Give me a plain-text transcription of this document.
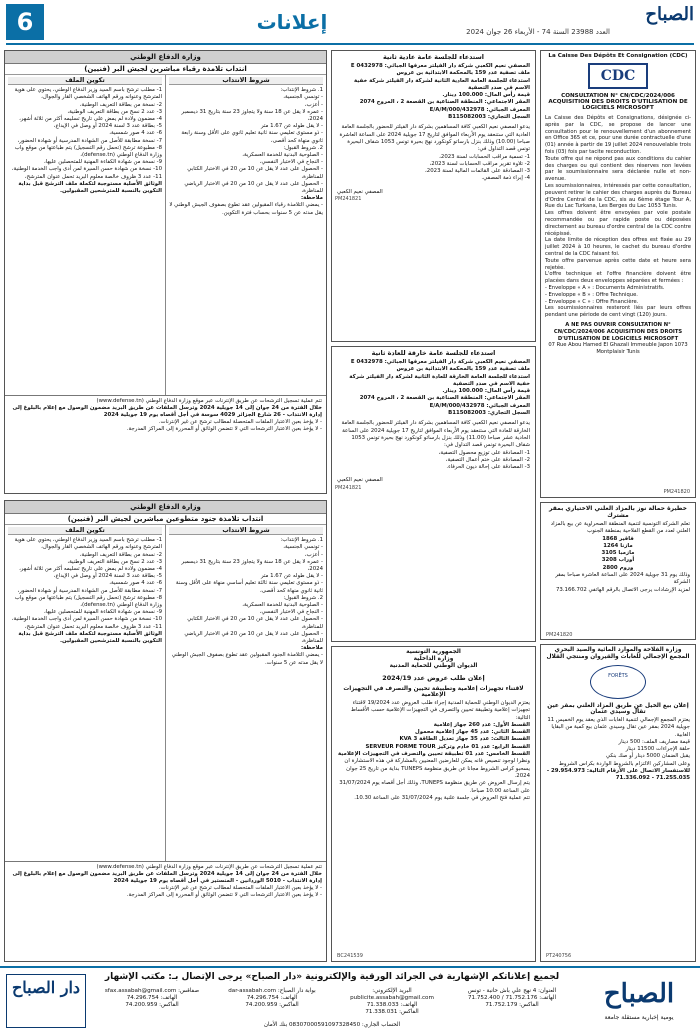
6	إعلانات	الصباح
العدد 23988 السنة 74 - الأربعاء 26 جوان 2024
وزارة الدفاع الوطني
انتداب تلامذة رقباء مباشرين لجيش البر (فنيين)
شروط الانتداب
1. شروط الإنتداب:
- تونسي الجنسية،
- أعزب،
- عمره لا يقل عن 18 سنة ولا يتجاوز 23 سنة بتاريخ 31 ديسمبر 2024،
- لا يقل طوله عن 1.67 متر
- ذو مستوى تعليمي سنة ثانية تعليم ثانوي على الأقل وسنة رابعة ثانوي منهاة كحد أقصى،
2. شروط القبول:
- الصلوحية البدنية للخدمة العسكرية،
- النجاح في الاختبار النفسي،
- الحصول على عدد لا يقل عن 10 من 20 في الاختبار الكتابي للمناظرة،
- الحصول على عدد لا يقل عن 10 من 20 في الاختبار الرياضي للمناظرة،
ملاحظة:
- يمضي التلامذة رقباء المقبولين عقد تطوع بصفوف الجيش الوطني لا يقل مدته عن 5 سنوات بحساب فترة التكوين.
تكوين الملف
1- مطلب ترشح باسم السيد وزير الدفاع الوطني، يحتوي على هوية المترشح وعنوانه ورقم الهاتف الشخصي القار والجوال،
2- نسخة من بطاقة التعريف الوطنية،
3- عدد 2 نسخ من بطاقة التعريف الوطنية،
4- مضمون ولادة لم يمض على تاريخ تسليمه أكثر من ثلاثة أشهر،
5- بطاقة عدد 3 لسنة 2024 أو وصل في الإيداع،
6- عدد 4 صور شمسية،
7- نسخة مطابقة للأصل من الشهادة المدرسية أو شهادة الحضور،
8- مطبوعة ترشح (تحمل رقم التسجيل) يتم طباعتها من موقع واب وزارة الدفاع الوطني (defense.tn)،
9- نسخة من شهادة الكفاءة المهنية للمتحصلين عليها،
10- نسخة من شهادة حسن السيرة لمن أدى واجب الخدمة الوطنية،
11- عدد 3 ظروف خالصة معلوم البريد تحمل عنوان المترشح،
الوثائق الأصلية مستوجبة لتكملة ملف الترشح قبل بداية التكوين بالنسبة للمترشحين المقبولين.
تتم عملية تسجيل الترشحات عن طريق الإنترنات عبر موقع وزارة الدفاع الوطني (www.defense.tn)
خلال الفترة من 24 جوان إلى 14 جويلية 2024 وترسل الملفات عن طريق البريد مضمون الوصول مع إعلام بالبلوغ إلى إدارة الانتداب - 26 شارع الجزائر 4029 سوسة في أجل أقصاه يوم 19 جويلية 2024
- لا يؤخذ بعين الاعتبار الملفات المتحصلة لمطالب ترشح عن غير الإنترنات.
- لا يؤخذ بعين الاعتبار الترشحات التي لا تتضمن الوثائق أو المحررة إلى المراكز المدرجة.
وزارة الدفاع الوطني
انتداب تلامذة جنود متطوعين مباشرين لجيش البر (فنيين)
شروط الانتداب
1. شروط الإنتداب:
- تونسي الجنسية،
- أعزب،
- عمره لا يقل عن 18 سنة ولا يتجاوز 23 سنة بتاريخ 31 ديسمبر 2024،
- لا يقل طوله عن 1.67 متر
- ذو مستوى تعليمي سنة ثالثة تعليم أساسي منهاة على الأقل وسنة ثانية ثانوي منهاة كحد أقصى،
2. شروط القبول:
- الصلوحية البدنية للخدمة العسكرية،
- النجاح في الاختبار النفسي،
- الحصول على عدد لا يقل عن 10 من 20 في الاختبار الكتابي للمناظرة،
- الحصول على عدد لا يقل عن 10 من 20 في الاختبار الرياضي للمناظرة،
ملاحظة:
- يمضي التلامذة الجنود المقبولين عقد تطوع بصفوف الجيش الوطني لا يقل مدته عن 5 سنوات.
تكوين الملف
1- مطلب ترشح باسم السيد وزير الدفاع الوطني، يحتوي على هوية المترشح وعنوانه ورقم الهاتف الشخصي القار والجوال،
2- نسخة من بطاقة التعريف الوطنية،
3- عدد 2 نسخ من بطاقة التعريف الوطنية،
4- مضمون ولادة لم يمض على تاريخ تسليمه أكثر من ثلاثة أشهر،
5- بطاقة عدد 3 لسنة 2024 أو وصل في الإيداع،
6- عدد 4 صور شمسية،
7- نسخة مطابقة للأصل من الشهادة المدرسية أو شهادة الحضور،
8- مطبوعة ترشح (تحمل رقم التسجيل) يتم طباعتها من موقع واب وزارة الدفاع الوطني (defense.tn)،
9- نسخة من شهادة الكفاءة المهنية للمتحصلين عليها،
10- نسخة من شهادة حسن السيرة لمن أدى واجب الخدمة الوطنية،
11- عدد 3 ظروف خالصة معلوم البريد تحمل عنوان المترشح،
الوثائق الأصلية مستوجبة لتكملة ملف الترشح قبل بداية التكوين بالنسبة للمترشحين المقبولين.
تتم عملية تسجيل الترشحات عن طريق الإنترنات عبر موقع وزارة الدفاع الوطني (www.defense.tn)
خلال الفترة من 24 جوان إلى 14 جويلية 2024 وترسل الملفات عن طريق البريد مضمون الوصول مع إعلام بالبلوغ إلى إدارة الانتداب - 5010 الوردانين - المنستير في أجل أقصاه يوم 19 جويلية 2024
- لا يؤخذ بعين الاعتبار الملفات المتحصلة لمطالب ترشح عن غير الإنترنات.
- لا يؤخذ بعين الاعتبار الترشحات التي لا تتضمن الوثائق أو المحررة إلى المراكز المدرجة.
استدعاء للجلسة عامة عادية ثانية
المصفي نعيم الكعبي شركة دار الفيلتر معرفها الجبائي: 0432978 E
ملف تصفية عدد 159 بالمحكمة الابتدائية بن عروس
استدعاء للجلسة العامة العادية الثانية لشركة دار الفيلتر شركة خفية الاسم في صدد التصفية
قيمة رأس المال: 100.000 دينار.
المقر الاجتماعي: المنطقة الصناعية بن القصعة 2 ، المروج 2074
المعرف الجبائي: 432978/E/A/M/000
السجل التجاري: B115082003
يدعو المصفي نعيم الكعبي كافة المساهمين بشركة دار الفيلتر للحضور بالجلسة العامة العادية التي ستنعقد يوم الأربعاء الموافق لتاريخ 17 جويلية 2024 على الساعة العاشرة صباحا (10.00) وذلك بنزل بارساتو كونكورد نهج بحيرة تونس 1053 شفاف البحيرة تونس قصد التداول في:
1- تسمية مراقب الحسابات لسنة 2023،
2- تلاوة تقرير مراقب الحسابات لسنة 2023،
3- المصادقة على القائمات المالية لسنة 2023،
4- إبراء ذمة المصفي.
المصفي نعيم الكعبي
PM241821
استدعاء للجلسة عامة خارقة للعادة ثانية
المصفي نعيم الكعبي شركة دار الفيلتر معرفها الجبائي: 0432978 E
ملف تصفية عدد 159 بالمحكمة الابتدائية بن عروس
استدعاء للجلسة العامة الخارقة للعادة الثانية لشركة دار الفيلتر شركة خفية الاسم في صدد التصفية
قيمة رأس المال: 100.000 دينار.
المقر الاجتماعي: المنطقة الصناعية بن القصعة 2 ، المروج 2074
المعرف الجبائي: 432978/E/A/M/000
السجل التجاري: B115082003
يدعو المصفي نعيم الكعبي كافة المساهمين بشركة دار الفيلتر للحضور بالجلسة العامة الخارقة للعادة التي ستنعقد يوم الأربعاء الموافق لتاريخ 17 جويلية 2024 على الساعة الحادية عشر صباحا (11.00) وذلك بنزل بارساتو كونكورد نهج بحيرة تونس 1053 شفاف البحيرة تونس قصد التداول في:
1- المصادقة على توزيع محصول التصفية،
2- المصادقة على ختم أعمال التصفية،
3- المصادقة على إحالة ديون الحرفاء.
المصفي نعيم الكعبي
PM241821
الجمهورية التونسية
وزارة الداخلية
الديوان الوطني للحماية المدنية
إعلان طلب عروض عدد 2024/19
لاقتناء تجهيزات إعلامية وتطبيقة تحيين والتصرف في التجهيزات الإعلامية
يعتزم الديوان الوطني للحماية المدنية إجراء طلب العروض عدد 19/2024 لاقتناء تجهيزات إعلامية وتطبيقة تحيين والتصرف في التجهيزات الإعلامية حسب الأقساط التالية:
القسط الأول: عدد 260 جهاز إعلامية
القسط الثاني: عدد 45 جهاز إعلامية محمول
القسط الثالث: عدد 35 جهاز تعديل الطاقة 3 KVA
القسط الرابع: عدد 01 خادم وتركيز SERVEUR FORME TOUR
القسط الخامس: عدد 01 تطبيقة تحيين والتصرف في التجهيزات الإعلامية
ونظرا لوجود تنصيص فانه يمكن للعارضين المعنيين بالمشاركة في هذه الاستشارة ان يسحبو كراس الشروط مجانا عن طريق منظومة TUNEPS بداية من تاريخ 25 جوان 2024.
يتم إرسال العروض عن طريق منظومة TUNEPS، وذلك أجل أقصاه يوم 31/07/2024 على الساعة 10.00 صباحا.
تتم عملية فتح العروض في جلسة علنية يوم 31/07/2024 على الساعة 10.30.
BC241539
La Caisse Des Dépôts Et Consignation (CDC)
CDC
CONSULTATION N° CN/CDC/2024/006 ACQUISITION DES DROITS D'UTILISATION DE LOGICIELS MICROSOFT
La Caisse des Dépôts et Consignations, désignée ci-après par la CDC, se propose de lancer une consultation pour le renouvellement d'un abonnement en Office 365 et ce, pour une durée contractuelle d'une (01) année à partir de 19 juillet 2024 renouvelable trois fois (03) fois par tacite reconduction.
Toute offre qui ne répond pas aux conditions du cahier des charges ou qui contient des réserves non levées par le soumissionnaire sera déclarée nulle et non-avenue.
Les soumissionnaires, intéressés par cette consultation, peuvent retirer le cahier des charges auprès du Bureau d'Ordre Central de la CDC, sis au 6ème étage Tour A, Rue du Lac Turkana, Les Berges du Lac 1053 Tunis.
Les offres doivent être envoyées par voie postale recommandée ou par rapide poste ou déposées directement au bureau d'ordre central de la CDC contre récépissé.
La date limite de réception des offres est fixée au 29 juillet 2024 à 10 heures, le cachet du bureau d'ordre central de la CDC faisant foi.
Toute offre parvenue après cette date et heure sera rejetée.
L'offre technique et l'offre financière doivent être placées dans deux enveloppes séparées et fermées :
- Enveloppe « A » : Documents Administratifs.
- Enveloppe « B » : Offre Technique.
- Enveloppe « C » : Offre Financière.
Les soumissionnaires resteront liés par leurs offres pendant une période de cent vingt (120) jours.
A NE PAS OUVRIR CONSULTATION N° CN/CDC/2024/006 ACQUISITION DES DROITS D'UTILISATION DE LOGICIELS MICROSOFT
07 Rue Abou Hamed El Ghazali Immeuble Japon 1073 Montplaisir Tunis
PM241820
خطيرة حمالة نوز بالمزاد العلني الاختياري بمقر مشترك
تعلم الشركة التونسية لتنمية المنطقة الصحراوية عن بيع بالمزاد العلني لعدد من القطع الفلاحية بمنطقة الجنوب
فاقير 1868
مازنا 1264
مازمبا 3105
أوراب 3208
وروم 2800
وذلك يوم 31 جويلية 2024 على الساعة العاشرة صباحا بمقر الشركة
لمزيد الإرشادات يرجى الاتصال بالرقم الهاتفي 73.166.702
PM241820
وزارة الفلاحة والموارد المائية والصيد البحري المجمع الإجمالي للغابات والقيروان ومنتجي القلال
FORÊTS
إعلان بيع الخيل عن طريق المزاد العلني بمقر عين تقال وسيدي عثمان
يعتزم المجمع الإجمالي لتنمية الغابات الذي يعقد يوم الخميس 11 جويلية 2024 بمقر عين تقال وسيدي عثمان بيع كمية من البقايا الغابية.
قيمة مصاريف الملف: 500 دينار
حلقة الإجراءات 11500 دينار
يقبل الضمان 5000 دينار أو صك بنكي
وعلى المشاركين الالتزام بالشروط الواردة بكراس الشروط
للاستفسار الاتصال على الأرقام التالية: 29.954.973 - 71.255.035 - 71.336.092
PT240756
دار الصباح
لجميع إعلاناتكم الإشهارية في الجرائد الورقية والإلكترونية «دار الصباح» يرجى الإتصال بـ: مكتب الإشهار
العنوان: 4 نهج علي باش حانبة - تونس
الهاتف: 71.752.176 / 71.752.400
الفاكس: 71.752.179
البريد الإلكتروني: publicite.assabah@gmail.com
الهاتف: 71.338.033
الفاكس: 71.338.031
بوابة دار الصباح: dar-assabah.com
الهاتف: 74.296.754
الفاكس: 74.200.959
صفاقس: sfax.assabah@gmail.com
الهاتف: 74.296.754
الفاكس: 74.200.959
الحساب الجاري: 08307000591097328450 بنك الأمان
الصباح
يومية إخبارية مستقلة جامعة
